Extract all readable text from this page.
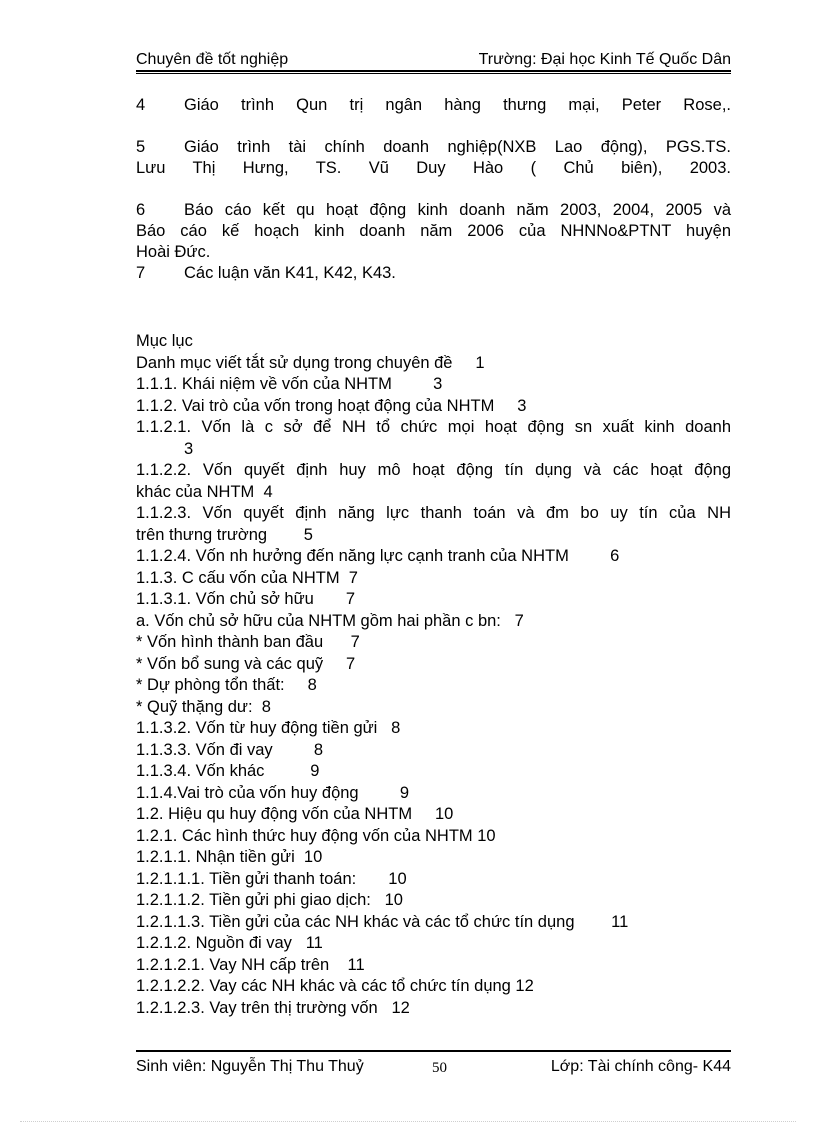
Chuyên đề tốt nghiệp	Trường: Đại học Kinh Tế Quốc Dân
4	Giáo trình Qun trị ngân hàng thưng mại, Peter Rose,.
5	Giáo trình tài chính doanh nghiệp(NXB Lao động), PGS.TS.
Lưu Thị Hưng, TS. Vũ Duy Hào ( Chủ biên), 2003.
6	Báo cáo kết qu hoạt động kinh doanh năm 2003, 2004, 2005 và
Báo cáo kế hoạch kinh doanh năm 2006 của NHNNo&PTNT huyện
Hoài Đức.
7	Các luận văn K41, K42, K43.
Mục lục
Danh mục viết tắt sử dụng trong chuyên đề     1
1.1.1. Khái niệm về vốn của NHTM         3
1.1.2. Vai trò của vốn trong hoạt động của NHTM     3
1.1.2.1. Vốn là c sở để NH tổ chức mọi hoạt động sn xuất kinh doanh
3
1.1.2.2. Vốn quyết định huy mô hoạt động tín dụng và các hoạt động
khác của NHTM  4
1.1.2.3. Vốn quyết định năng lực thanh toán và đm bo uy tín của NH
trên thưng trường        5
1.1.2.4. Vốn nh hưởng đến năng lực cạnh tranh của NHTM         6
1.1.3. C cấu vốn của NHTM  7
1.1.3.1. Vốn chủ sở hữu       7
a. Vốn chủ sở hữu của NHTM gồm hai phần c bn:   7
* Vốn hình thành ban đầu      7
* Vốn bổ sung và các quỹ     7
* Dự phòng tổn thất:     8
* Quỹ thặng dư:  8
1.1.3.2. Vốn từ huy động tiền gửi   8
1.1.3.3. Vốn đi vay         8
1.1.3.4. Vốn khác          9
1.1.4.Vai trò của vốn huy động         9
1.2. Hiệu qu huy động vốn của NHTM     10
1.2.1. Các hình thức huy động vốn của NHTM 10
1.2.1.1. Nhận tiền gửi  10
1.2.1.1.1. Tiền gửi thanh toán:       10
1.2.1.1.2. Tiền gửi phi giao dịch:   10
1.2.1.1.3. Tiền gửi của các NH khác và các tổ chức tín dụng        11
1.2.1.2. Nguồn đi vay   11
1.2.1.2.1. Vay NH cấp trên    11
1.2.1.2.2. Vay các NH khác và các tổ chức tín dụng 12
1.2.1.2.3. Vay trên thị trường vốn   12
Sinh viên: Nguyễn Thị Thu Thuỷ	50	Lớp: Tài chính công- K44
